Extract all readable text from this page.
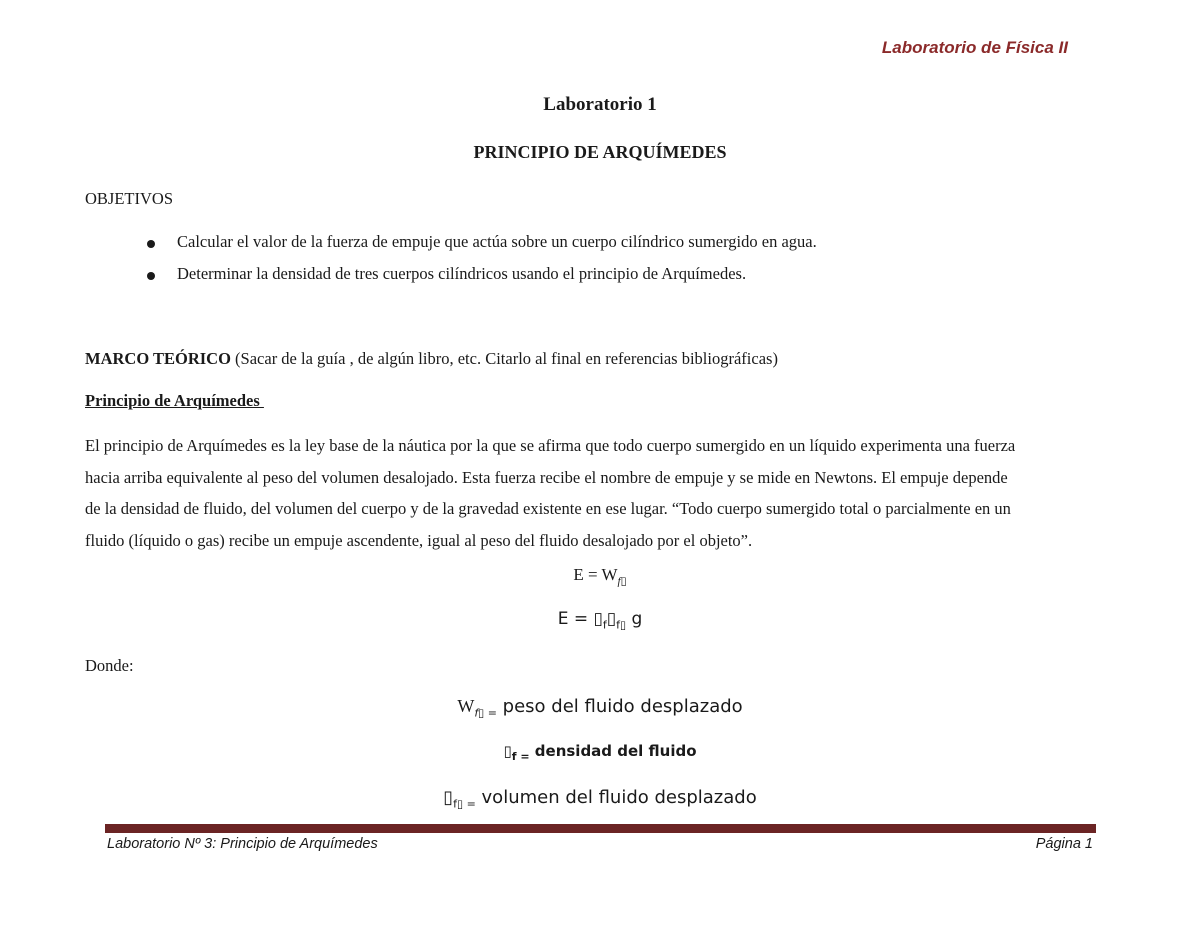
Laboratorio de Física II
Laboratorio 1
PRINCIPIO DE ARQUÍMEDES
OBJETIVOS
Calcular el valor de la fuerza de empuje que actúa sobre un cuerpo cilíndrico sumergido en agua.
Determinar la densidad de tres cuerpos cilíndricos usando el principio de Arquímedes.
MARCO TEÓRICO (Sacar de la guía , de algún libro, etc. Citarlo al final en referencias bibliográficas)
Principio de Arquímedes
El principio de Arquímedes es la ley base de la náutica por la que se afirma que todo cuerpo sumergido en un líquido experimenta una fuerza
hacia arriba equivalente al peso del volumen desalojado. Esta fuerza recibe el nombre de empuje y se mide en Newtons. El empuje depende
de la densidad de fluido, del volumen del cuerpo y de la gravedad existente en ese lugar. “Todo cuerpo sumergido total o parcialmente en un
fluido (líquido o gas) recibe un empuje ascendente, igual al peso del fluido desalojado por el objeto”.
$E = W_{f▯}$
$E = ▯_f▯_{f▯}$ g
Donde:
$W_{f▯ =}$ peso del fluido desplazado
$▯_{f =}$ densidad del fluido
$▯_{f▯ =}$ volumen del fluido desplazado
Laboratorio Nº 3: Principio de Arquímedes	Página 1
